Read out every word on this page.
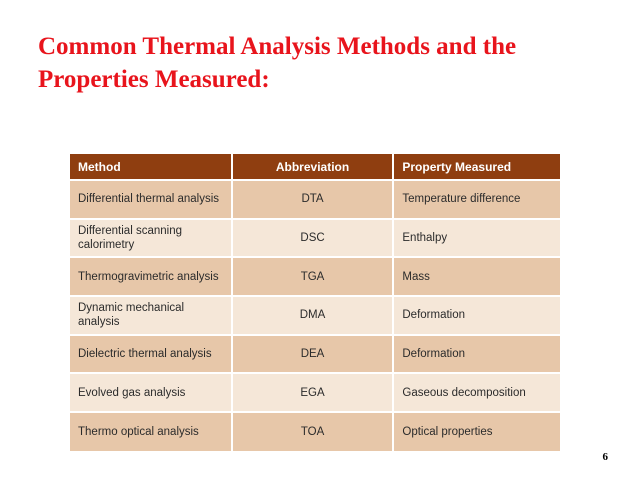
Common Thermal Analysis Methods and the Properties Measured:
Method	Abbreviation	Property Measured
Differential thermal analysis	DTA	Temperature difference
Differential scanning calorimetry	DSC	Enthalpy
Thermogravimetric analysis	TGA	Mass
Dynamic mechanical analysis	DMA	Deformation
Dielectric thermal analysis	DEA	Deformation
Evolved gas analysis	EGA	Gaseous decomposition
Thermo optical analysis	TOA	Optical properties
6
